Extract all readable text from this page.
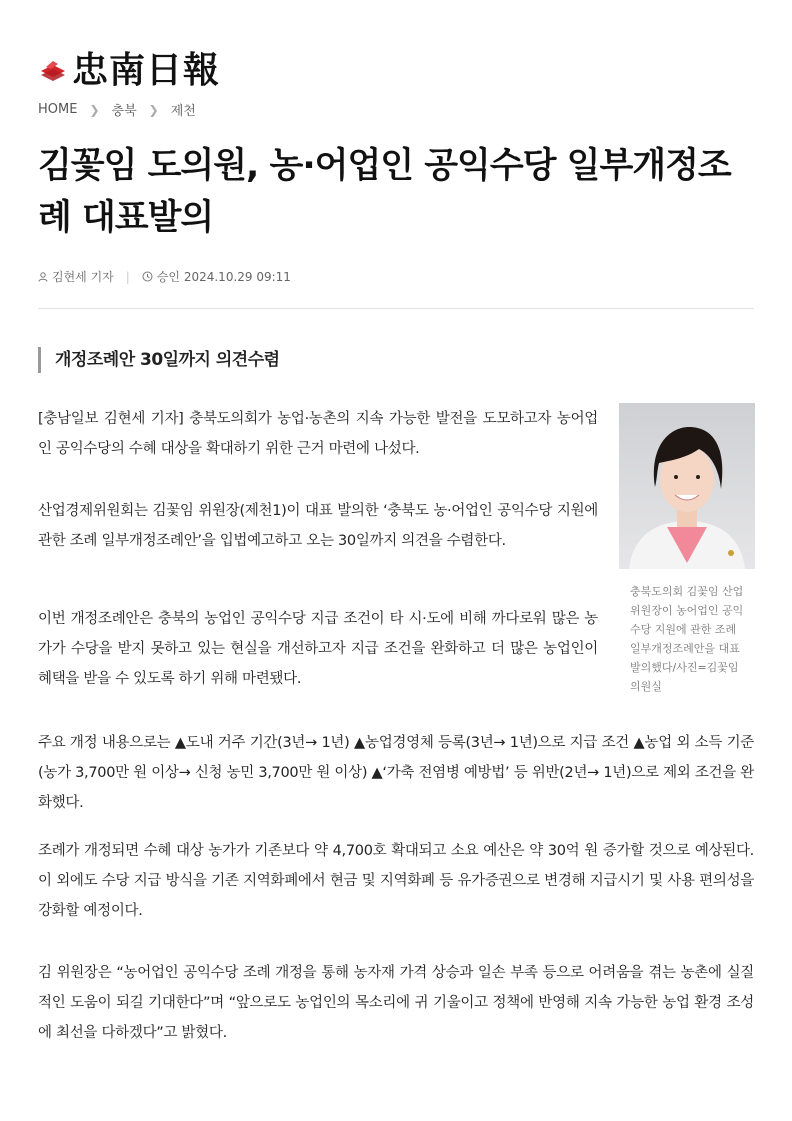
忠南日報
HOME ❯ 충북 ❯ 제천
김꽃임 도의원, 농·어업인 공익수당 일부개정조례 대표발의
김현세 기자 | 승인 2024.10.29 09:11
개정조례안 30일까지 의견수렴

충북도의회 김꽃임 산업위원장이 농어업인 공익수당 지원에 관한 조례 일부개정조례안을 대표 발의했다/사진=김꽃임 의원실

[충남일보 김현세 기자] 충북도의회가 농업·농촌의 지속 가능한 발전을 도모하고자 농어업인 공익수당의 수혜 대상을 확대하기 위한 근거 마련에 나섰다.

산업경제위원회는 김꽃임 위원장(제천1)이 대표 발의한 ‘충북도 농·어업인 공익수당 지원에 관한 조례 일부개정조례안’을 입법예고하고 오는 30일까지 의견을 수렴한다.

이번 개정조례안은 충북의 농업인 공익수당 지급 조건이 타 시·도에 비해 까다로워 많은 농가가 수당을 받지 못하고 있는 현실을 개선하고자 지급 조건을 완화하고 더 많은 농업인이 혜택을 받을 수 있도록 하기 위해 마련됐다.

주요 개정 내용으로는 ▲도내 거주 기간(3년→ 1년) ▲농업경영체 등록(3년→ 1년)으로 지급 조건 ▲농업 외 소득 기준(농가 3,700만 원 이상→ 신청 농민 3,700만 원 이상) ▲‘가축 전염병 예방법’ 등 위반(2년→ 1년)으로 제외 조건을 완화했다.

조례가 개정되면 수혜 대상 농가가 기존보다 약 4,700호 확대되고 소요 예산은 약 30억 원 증가할 것으로 예상된다. 이 외에도 수당 지급 방식을 기존 지역화폐에서 현금 및 지역화폐 등 유가증권으로 변경해 지급시기 및 사용 편의성을 강화할 예정이다.

김 위원장은 “농어업인 공익수당 조례 개정을 통해 농자재 가격 상승과 일손 부족 등으로 어려움을 겪는 농촌에 실질적인 도움이 되길 기대한다”며 “앞으로도 농업인의 목소리에 귀 기울이고 정책에 반영해 지속 가능한 농업 환경 조성에 최선을 다하겠다”고 밝혔다.
